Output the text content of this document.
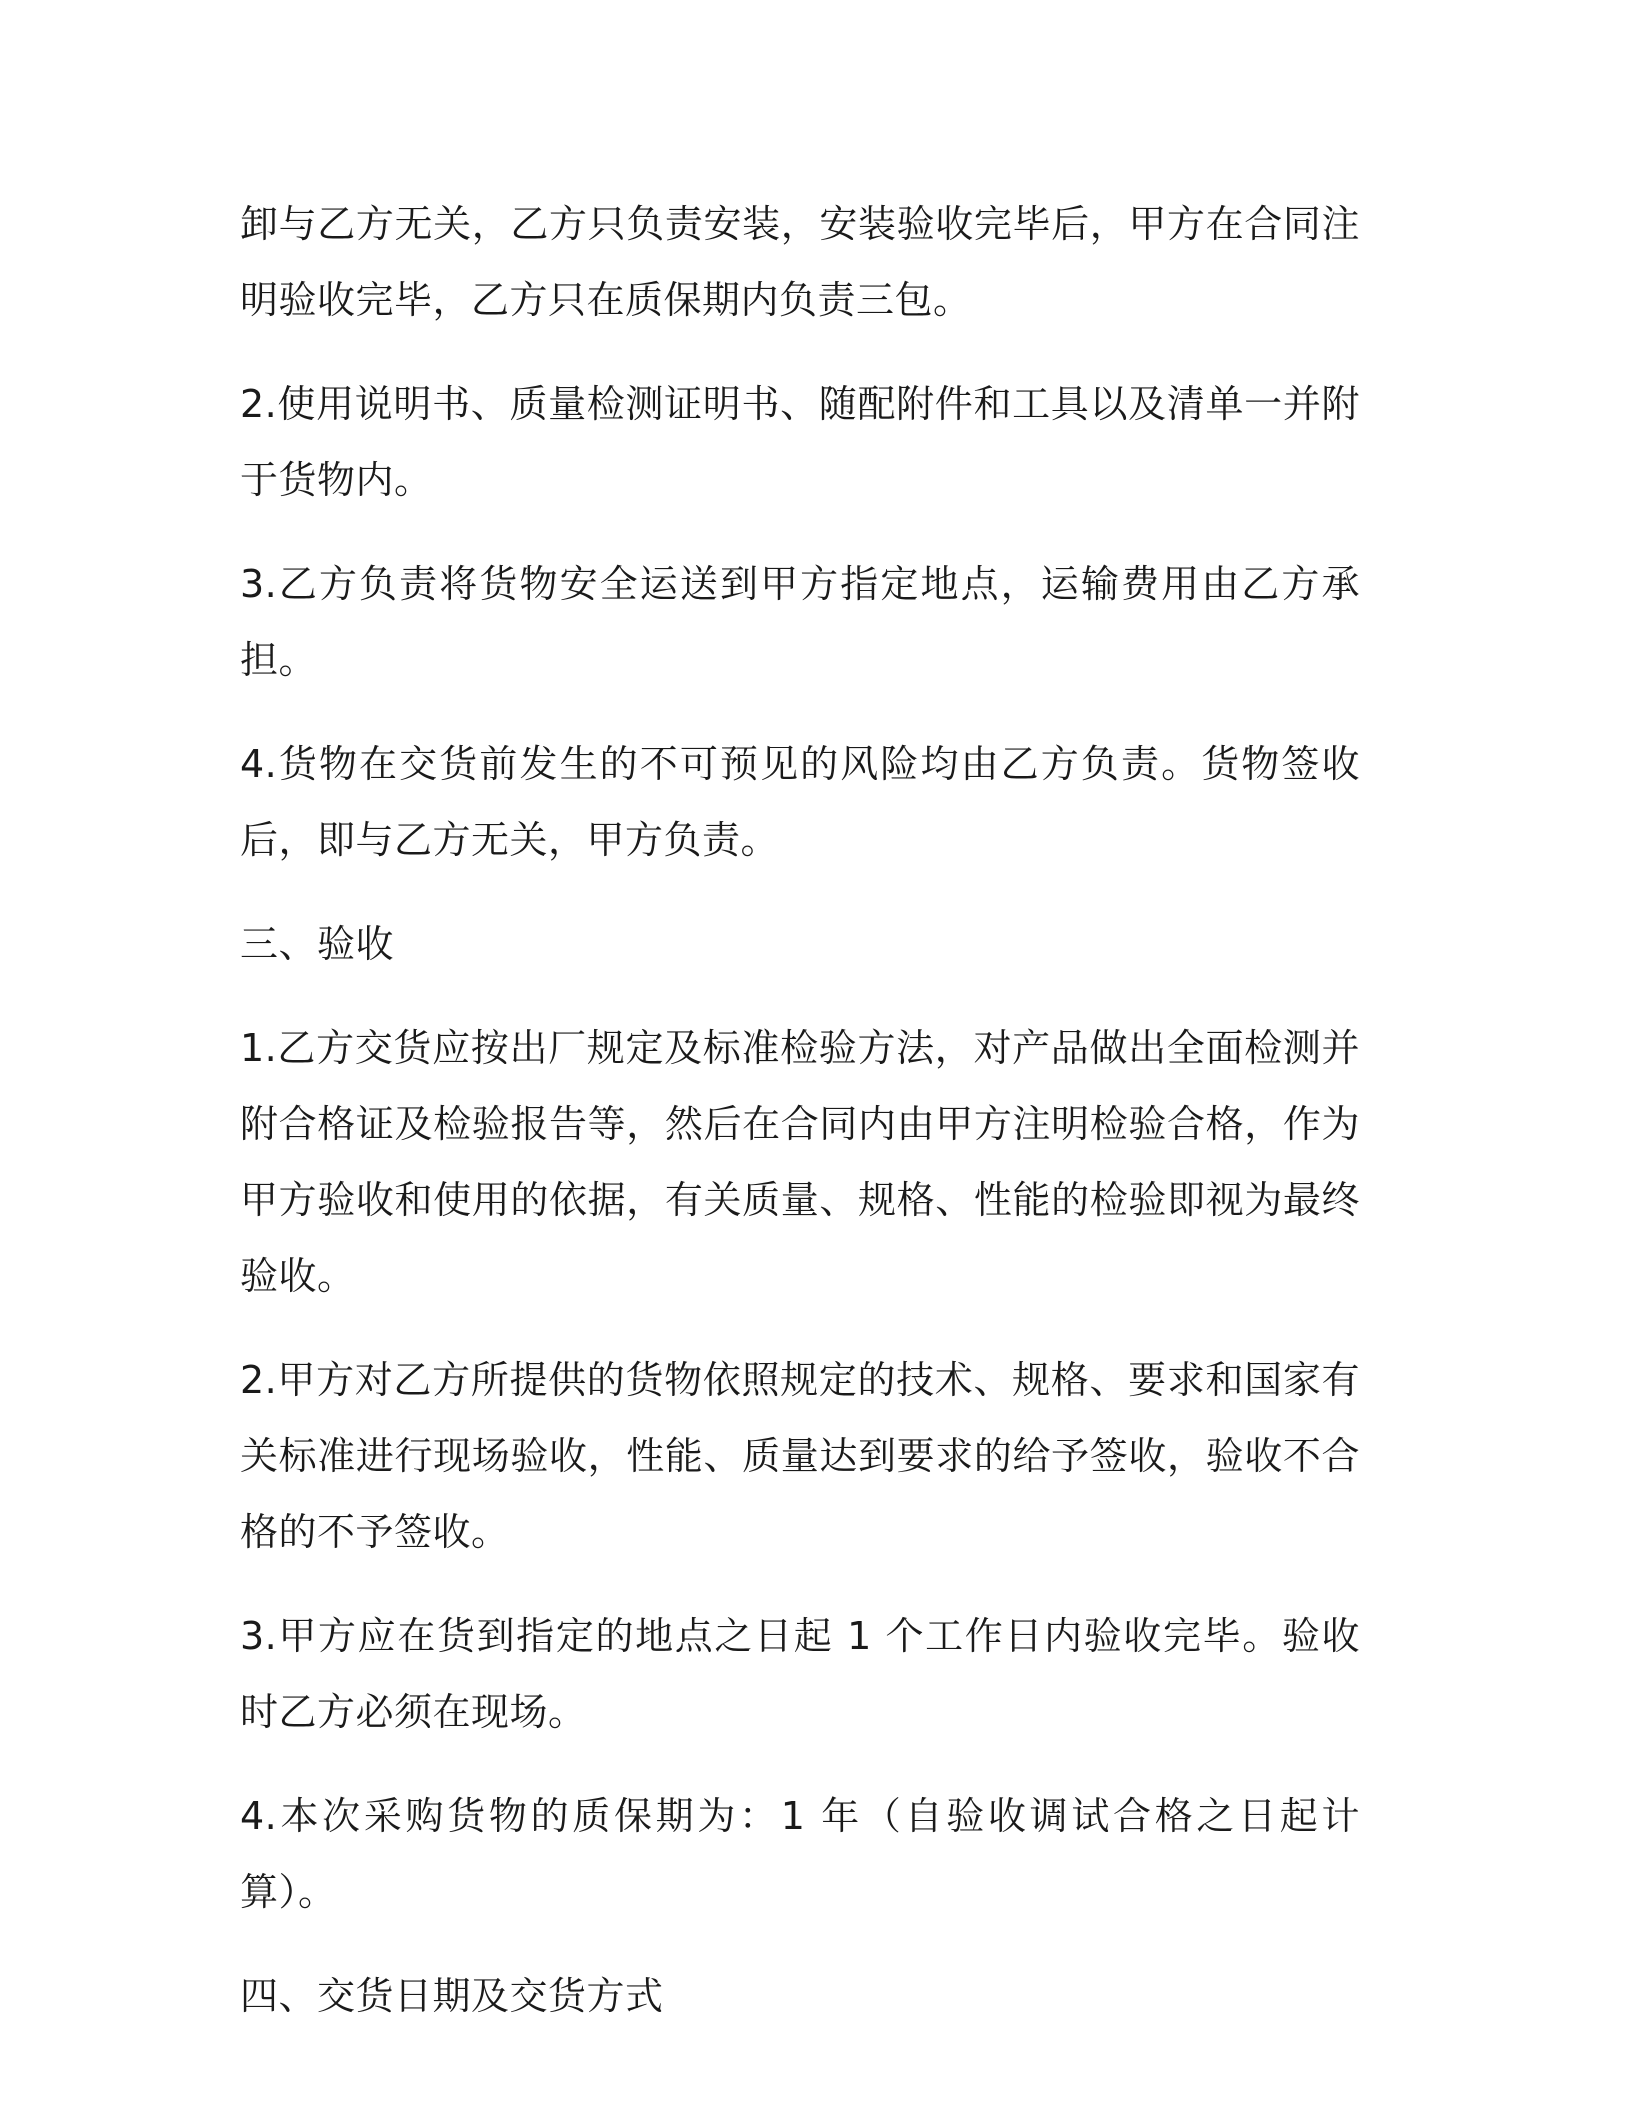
卸与乙方无关，乙方只负责安装，安装验收完毕后，甲方在合同注明验收完毕，乙方只在质保期内负责三包。

2.使用说明书、质量检测证明书、随配附件和工具以及清单一并附于货物内。

3.乙方负责将货物安全运送到甲方指定地点，运输费用由乙方承担。

4.货物在交货前发生的不可预见的风险均由乙方负责。货物签收后，即与乙方无关，甲方负责。

三、验收

1.乙方交货应按出厂规定及标准检验方法，对产品做出全面检测并附合格证及检验报告等，然后在合同内由甲方注明检验合格，作为甲方验收和使用的依据，有关质量、规格、性能的检验即视为最终验收。

2.甲方对乙方所提供的货物依照规定的技术、规格、要求和国家有关标准进行现场验收，性能、质量达到要求的给予签收，验收不合格的不予签收。

3.甲方应在货到指定的地点之日起 1 个工作日内验收完毕。验收时乙方必须在现场。

4.本次采购货物的质保期为：1 年（自验收调试合格之日起计算）。

四、交货日期及交货方式
